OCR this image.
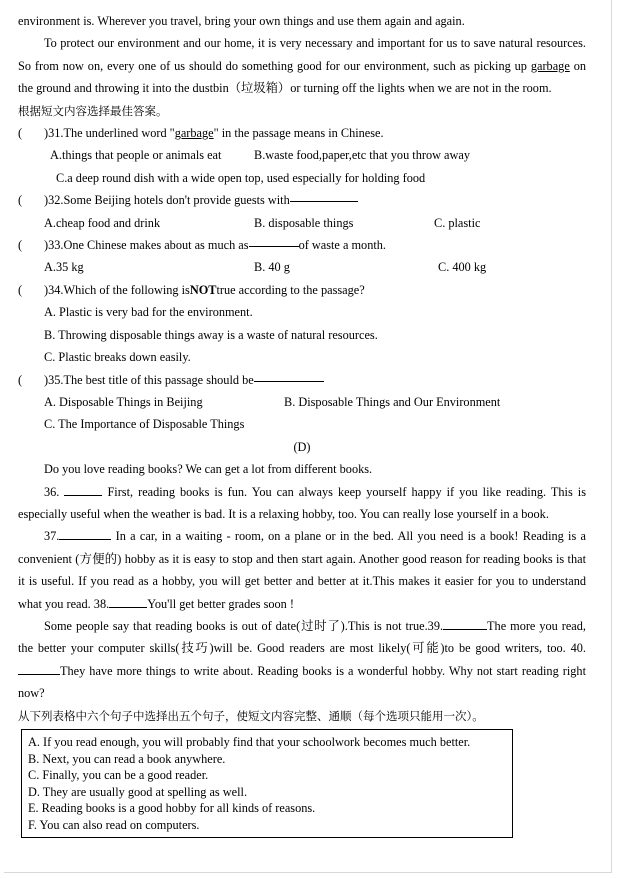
environment is. Wherever you travel, bring your own things and use them again and again.

To protect our environment and our home, it is very necessary and important for us to save natural resources. So from now on, every one of us should do something good for our environment, such as picking up garbage on the ground and throwing it into the dustbin（垃圾箱）or turning off the lights when we are not in the room.

根据短文内容选择最佳答案。

(	)31.The underlined word "garbage" in the passage means in Chinese.
A.things that people or animals eat	B.waste food,paper,etc that you throw away
C.a deep round dish with a wide open top, used especially for holding food
(	)32.Some Beijing hotels don't provide guests with
A.cheap food and drink	B. disposable things	C. plastic
(	)33.One Chinese makes about as much as	of waste a month.
A.35 kg	B. 40 g	C. 400 kg
(	)34.Which of the following is NOT true according to the passage?
A. Plastic is very bad for the environment.
B. Throwing disposable things away is a waste of natural resources.
C. Plastic breaks down easily.
(	)35.The best title of this passage should be
A. Disposable Things in Beijing	B. Disposable Things and Our Environment
C. The Importance of Disposable Things

(D)

Do you love reading books? We can get a lot from different books.

36.	First, reading books is fun. You can always keep yourself happy if you like reading. This is especially useful when the weather is bad. It is a relaxing hobby, too. You can really lose yourself in a book.

37.	In a car, in a waiting - room, on a plane or in the bed. All you need is a book! Reading is a convenient (方便的) hobby as it is easy to stop and then start again. Another good reason for reading books is that it is useful. If you read as a hobby, you will get better and better at it.This makes it easier for you to understand what you read. 38.	You'll get better grades soon !

Some people say that reading books is out of date(过时了).This is not true.39.	The more you read, the better your computer skills(技巧)will be. Good readers are most likely(可能)to be good writers, too. 40. They have more things to write about. Reading books is a wonderful hobby. Why not start reading right now?

从下列表格中六个句子中选择出五个句子，使短文内容完整、通顺（每个选项只能用一次）。

A. If you read enough, you will probably find that your schoolwork becomes much better.
B. Next, you can read a book anywhere.
C. Finally, you can be a good reader.
D. They are usually good at spelling as well.
E. Reading books is a good hobby for all kinds of reasons.
F. You can also read on computers.
